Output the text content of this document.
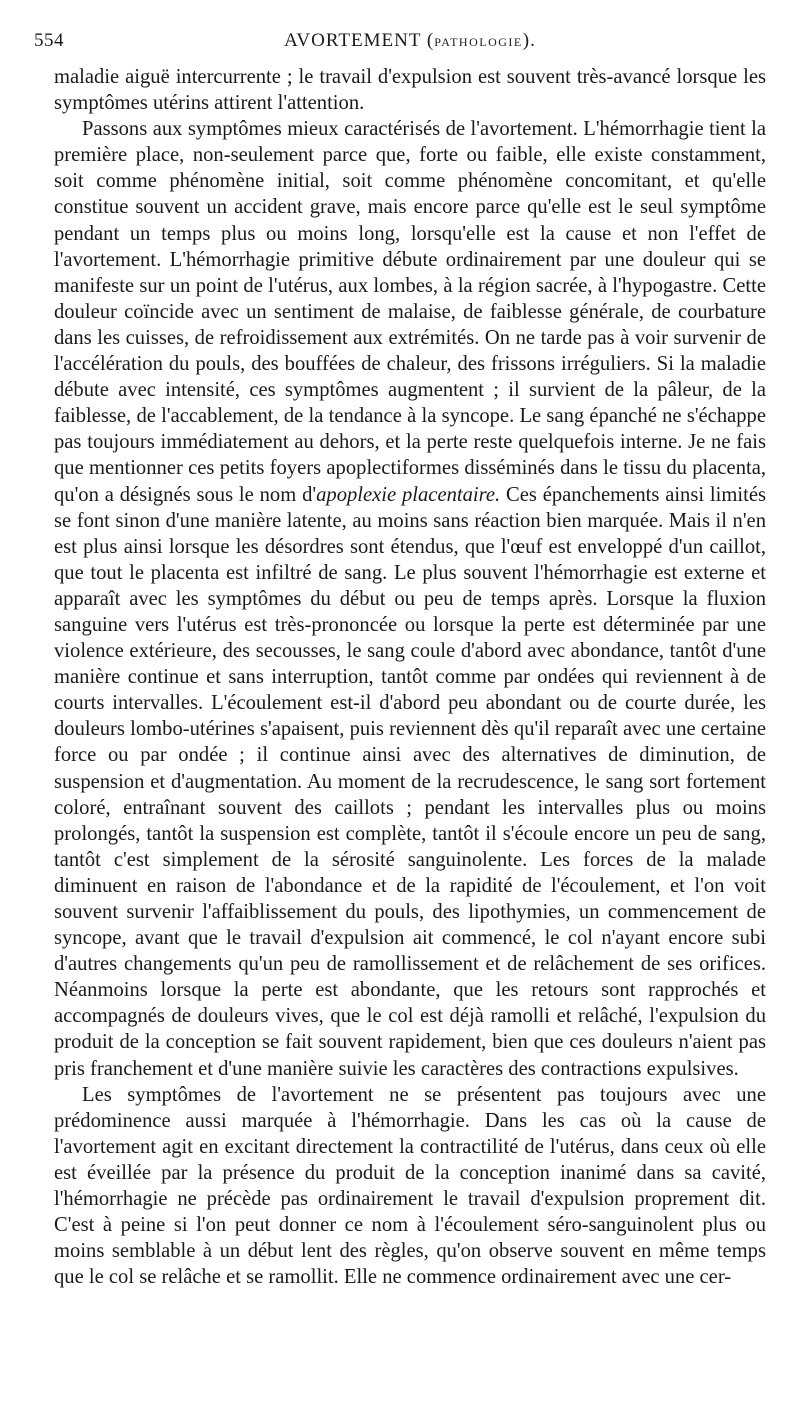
554	AVORTEMENT (PATHOLOGIE).

maladie aiguë intercurrente ; le travail d'expulsion est souvent très-avancé lorsque les symptômes utérins attirent l'attention.

Passons aux symptômes mieux caractérisés de l'avortement. L'hémorrhagie tient la première place, non-seulement parce que, forte ou faible, elle existe constamment, soit comme phénomène initial, soit comme phénomène concomitant, et qu'elle constitue souvent un accident grave, mais encore parce qu'elle est le seul symptôme pendant un temps plus ou moins long, lorsqu'elle est la cause et non l'effet de l'avortement. L'hémorrhagie primitive débute ordinairement par une douleur qui se manifeste sur un point de l'utérus, aux lombes, à la région sacrée, à l'hypogastre. Cette douleur coïncide avec un sentiment de malaise, de faiblesse générale, de courbature dans les cuisses, de refroidissement aux extrémités. On ne tarde pas à voir survenir de l'accélération du pouls, des bouffées de chaleur, des frissons irréguliers. Si la maladie débute avec intensité, ces symptômes augmentent ; il survient de la pâleur, de la faiblesse, de l'accablement, de la tendance à la syncope. Le sang épanché ne s'échappe pas toujours immédiatement au dehors, et la perte reste quelquefois interne. Je ne fais que mentionner ces petits foyers apoplectiformes disséminés dans le tissu du placenta, qu'on a désignés sous le nom d'apoplexie placentaire. Ces épanchements ainsi limités se font sinon d'une manière latente, au moins sans réaction bien marquée. Mais il n'en est plus ainsi lorsque les désordres sont étendus, que l'œuf est enveloppé d'un caillot, que tout le placenta est infiltré de sang. Le plus souvent l'hémorrhagie est externe et apparaît avec les symptômes du début ou peu de temps après. Lorsque la fluxion sanguine vers l'utérus est très-prononcée ou lorsque la perte est déterminée par une violence extérieure, des secousses, le sang coule d'abord avec abondance, tantôt d'une manière continue et sans interruption, tantôt comme par ondées qui reviennent à de courts intervalles. L'écoulement est-il d'abord peu abondant ou de courte durée, les douleurs lombo-utérines s'apaisent, puis reviennent dès qu'il reparaît avec une certaine force ou par ondée ; il continue ainsi avec des alternatives de diminution, de suspension et d'augmentation. Au moment de la recrudescence, le sang sort fortement coloré, entraînant souvent des caillots ; pendant les intervalles plus ou moins prolongés, tantôt la suspension est complète, tantôt il s'écoule encore un peu de sang, tantôt c'est simplement de la sérosité sanguinolente. Les forces de la malade diminuent en raison de l'abondance et de la rapidité de l'écoulement, et l'on voit souvent survenir l'affaiblissement du pouls, des lipothymies, un commencement de syncope, avant que le travail d'expulsion ait commencé, le col n'ayant encore subi d'autres changements qu'un peu de ramollissement et de relâchement de ses orifices. Néanmoins lorsque la perte est abondante, que les retours sont rapprochés et accompagnés de douleurs vives, que le col est déjà ramolli et relâché, l'expulsion du produit de la conception se fait souvent rapidement, bien que ces douleurs n'aient pas pris franchement et d'une manière suivie les caractères des contractions expulsives.

Les symptômes de l'avortement ne se présentent pas toujours avec une prédominence aussi marquée à l'hémorrhagie. Dans les cas où la cause de l'avortement agit en excitant directement la contractilité de l'utérus, dans ceux où elle est éveillée par la présence du produit de la conception inanimé dans sa cavité, l'hémorrhagie ne précède pas ordinairement le travail d'expulsion proprement dit. C'est à peine si l'on peut donner ce nom à l'écoulement séro-sanguinolent plus ou moins semblable à un début lent des règles, qu'on observe souvent en même temps que le col se relâche et se ramollit. Elle ne commence ordinairement avec une cer-
